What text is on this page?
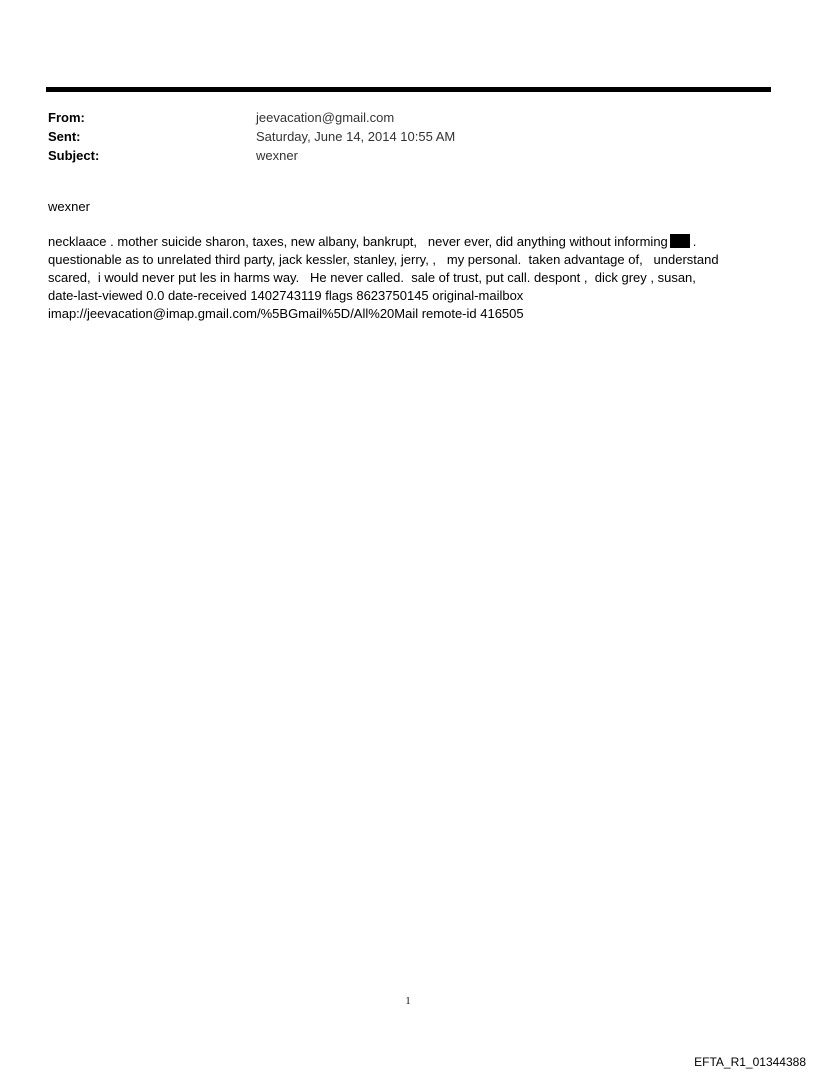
From:	jeevacation@gmail.com
Sent:	Saturday, June 14, 2014 10:55 AM
Subject:	wexner
wexner
necklaace . mother suicide sharon, taxes, new albany, bankrupt,   never ever, did anything without informing .
questionable as to unrelated third party, jack kessler, stanley, jerry, ,   my personal.  taken advantage of,   understand
scared,  i would never put les in harms way.   He never called.  sale of trust, put call. despont ,  dick grey , susan,
date-last-viewed 0.0 date-received 1402743119 flags 8623750145 original-mailbox
imap://jeevacation@imap.gmail.com/%5BGmail%5D/All%20Mail remote-id 416505
1
EFTA_R1_01344388
